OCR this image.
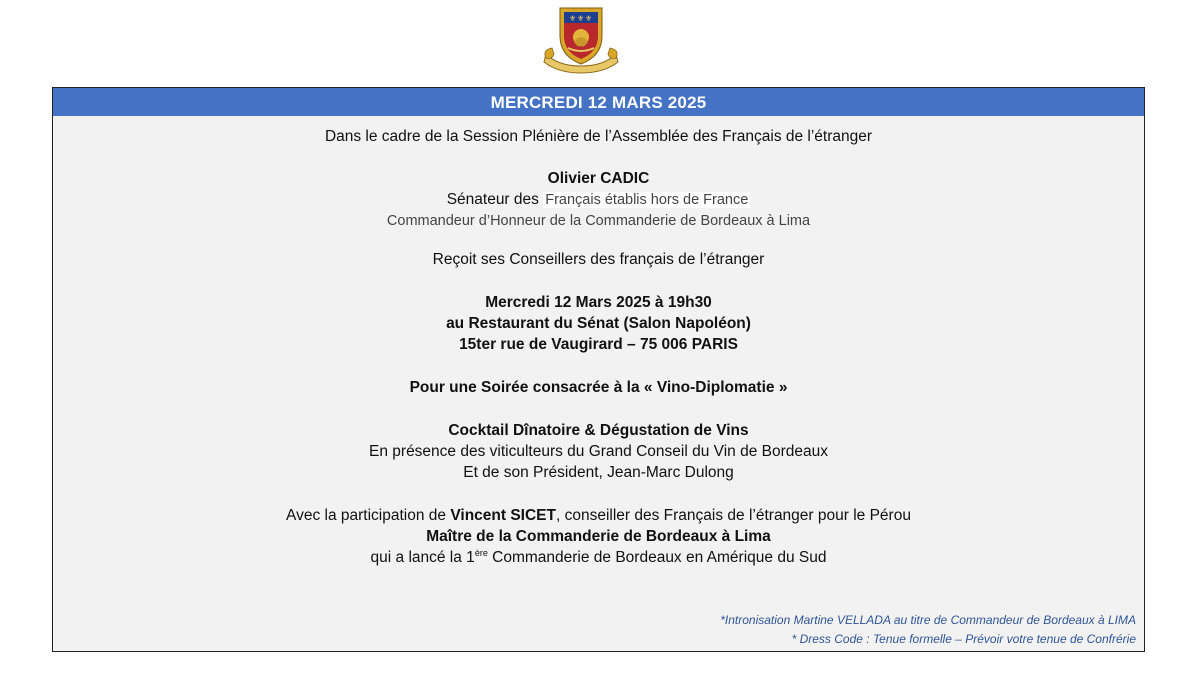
⚜ ⚜ ⚜
MERCREDI 12 MARS 2025

Dans le cadre de la Session Plénière de l’Assemblée des Français de l’étranger

Olivier CADIC

Sénateur des Français établis hors de France

Commandeur d’Honneur de la Commanderie de Bordeaux à Lima

Reçoit ses Conseillers des français de l’étranger

Mercredi 12 Mars 2025 à 19h30

au Restaurant du Sénat (Salon Napoléon)

15ter rue de Vaugirard – 75 006 PARIS

Pour une Soirée consacrée à la « Vino-Diplomatie »

Cocktail Dînatoire & Dégustation de Vins

En présence des viticulteurs du Grand Conseil du Vin de Bordeaux

Et de son Président, Jean-Marc Dulong

Avec la participation de Vincent SICET, conseiller des Français de l’étranger pour le Pérou

Maître de la Commanderie de Bordeaux à Lima

qui a lancé la 1ère Commanderie de Bordeaux en Amérique du Sud

*Intronisation Martine VELLADA au titre de Commandeur de Bordeaux à LIMA
* Dress Code : Tenue formelle – Prévoir votre tenue de Confrérie
